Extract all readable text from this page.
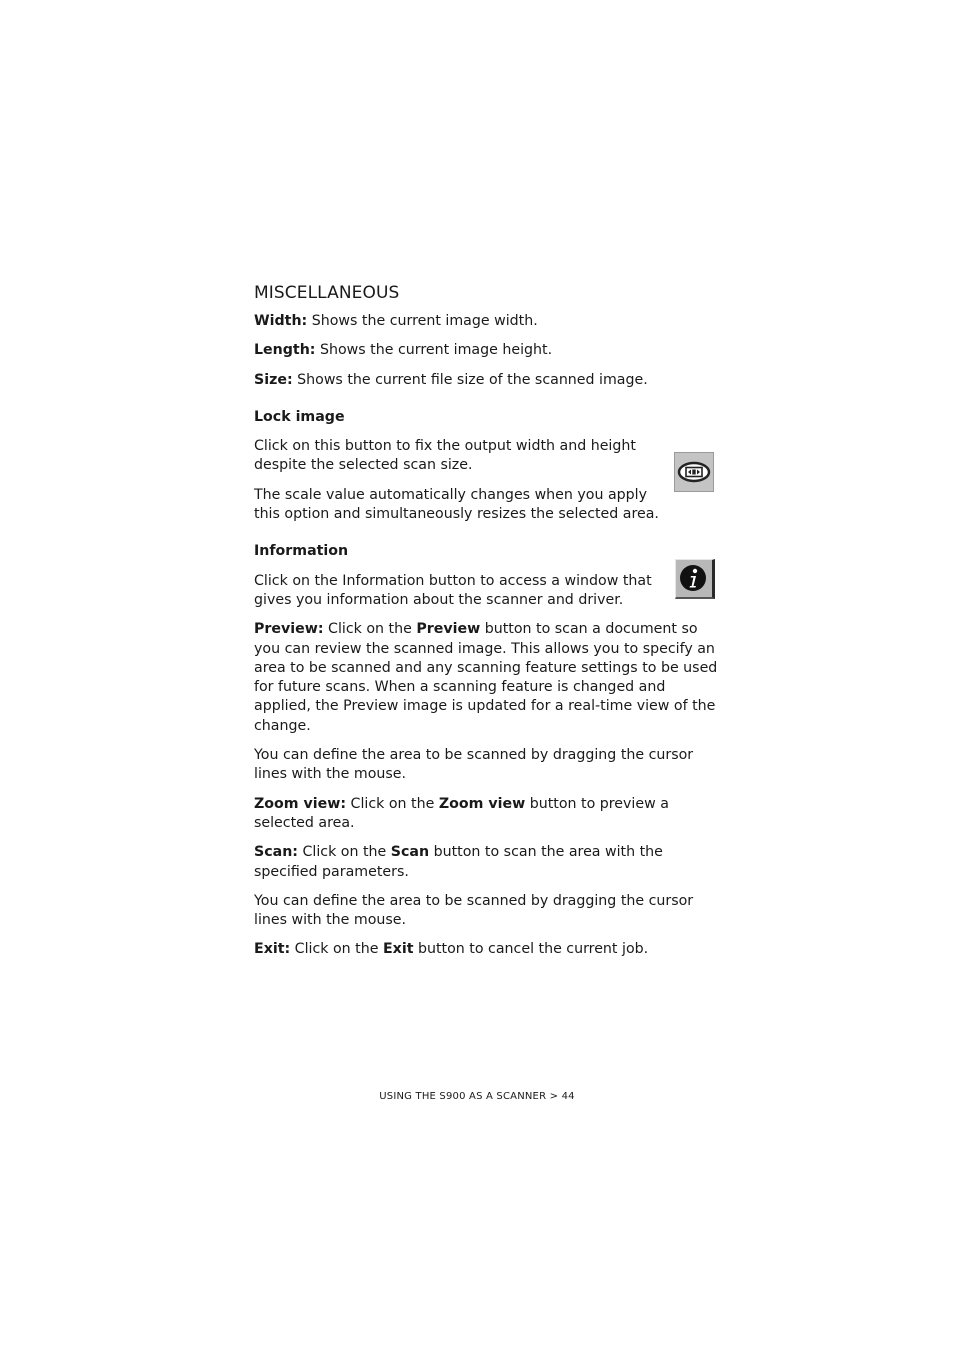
MISCELLANEOUS

Width: Shows the current image width.

Length: Shows the current image height.

Size: Shows the current file size of the scanned image.

Lock image

Click on this button to fix the output width and height despite the selected scan size.

The scale value automatically changes when you apply this option and simultaneously resizes the selected area.

Information

Click on the Information button to access a window that gives you information about the scanner and driver.

Preview: Click on the Preview button to scan a document so you can review the scanned image. This allows you to specify an area to be scanned and any scanning feature settings to be used for future scans. When a scanning feature is changed and applied, the Preview image is updated for a real-time view of the change.

You can define the area to be scanned by dragging the cursor lines with the mouse.

Zoom view: Click on the Zoom view button to preview a selected area.

Scan: Click on the Scan button to scan the area with the specified parameters.

You can define the area to be scanned by dragging the cursor lines with the mouse.

Exit: Click on the Exit button to cancel the current job.

USING THE S900 AS A SCANNER > 44
